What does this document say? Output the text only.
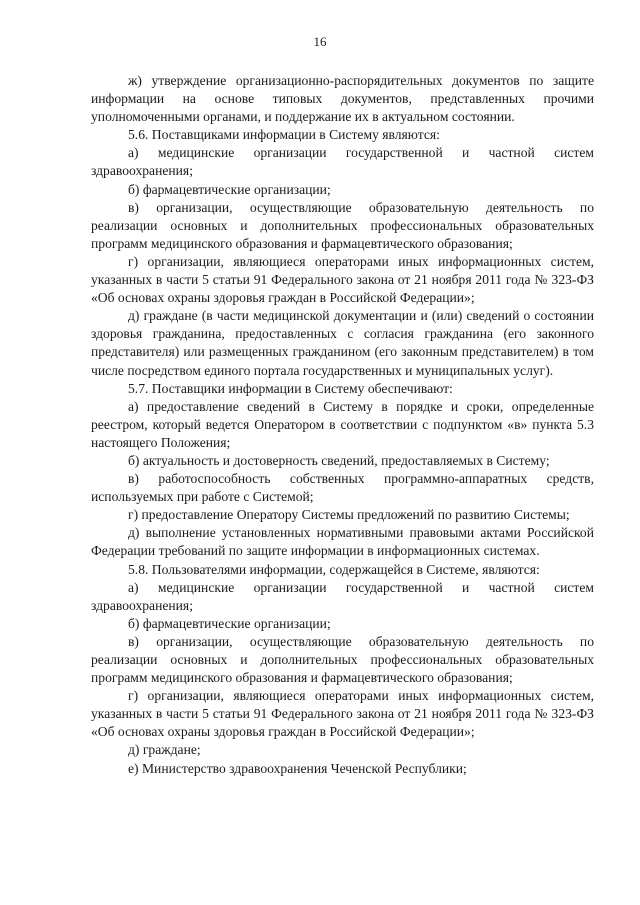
16

ж) утверждение организационно-распорядительных документов по защите информации на основе типовых документов, представленных прочими уполномоченными органами, и поддержание их в актуальном состоянии.

5.6. Поставщиками информации в Систему являются:

а) медицинские организации государственной и частной систем здравоохранения;

б) фармацевтические организации;

в) организации, осуществляющие образовательную деятельность по реализации основных и дополнительных профессиональных образовательных программ медицинского образования и фармацевтического образования;

г) организации, являющиеся операторами иных информационных систем, указанных в части 5 статьи 91 Федерального закона от 21 ноября 2011 года № 323-ФЗ «Об основах охраны здоровья граждан в Российской Федерации»;

д) граждане (в части медицинской документации и (или) сведений о состоянии здоровья гражданина, предоставленных с согласия гражданина (его законного представителя) или размещенных гражданином (его законным представителем) в том числе посредством единого портала государственных и муниципальных услуг).

5.7. Поставщики информации в Систему обеспечивают:

а) предоставление сведений в Систему в порядке и сроки, определенные реестром, который ведется Оператором в соответствии с подпунктом «в» пункта 5.3 настоящего Положения;

б) актуальность и достоверность сведений, предоставляемых в Систему;

в) работоспособность собственных программно-аппаратных средств, используемых при работе с Системой;

г) предоставление Оператору Системы предложений по развитию Системы;

д) выполнение установленных нормативными правовыми актами Российской Федерации требований по защите информации в информационных системах.

5.8. Пользователями информации, содержащейся в Системе, являются:

а) медицинские организации государственной и частной систем здравоохранения;

б) фармацевтические организации;

в) организации, осуществляющие образовательную деятельность по реализации основных и дополнительных профессиональных образовательных программ медицинского образования и фармацевтического образования;

г) организации, являющиеся операторами иных информационных систем, указанных в части 5 статьи 91 Федерального закона от 21 ноября 2011 года № 323-ФЗ «Об основах охраны здоровья граждан в Российской Федерации»;

д) граждане;

е) Министерство здравоохранения Чеченской Республики;
